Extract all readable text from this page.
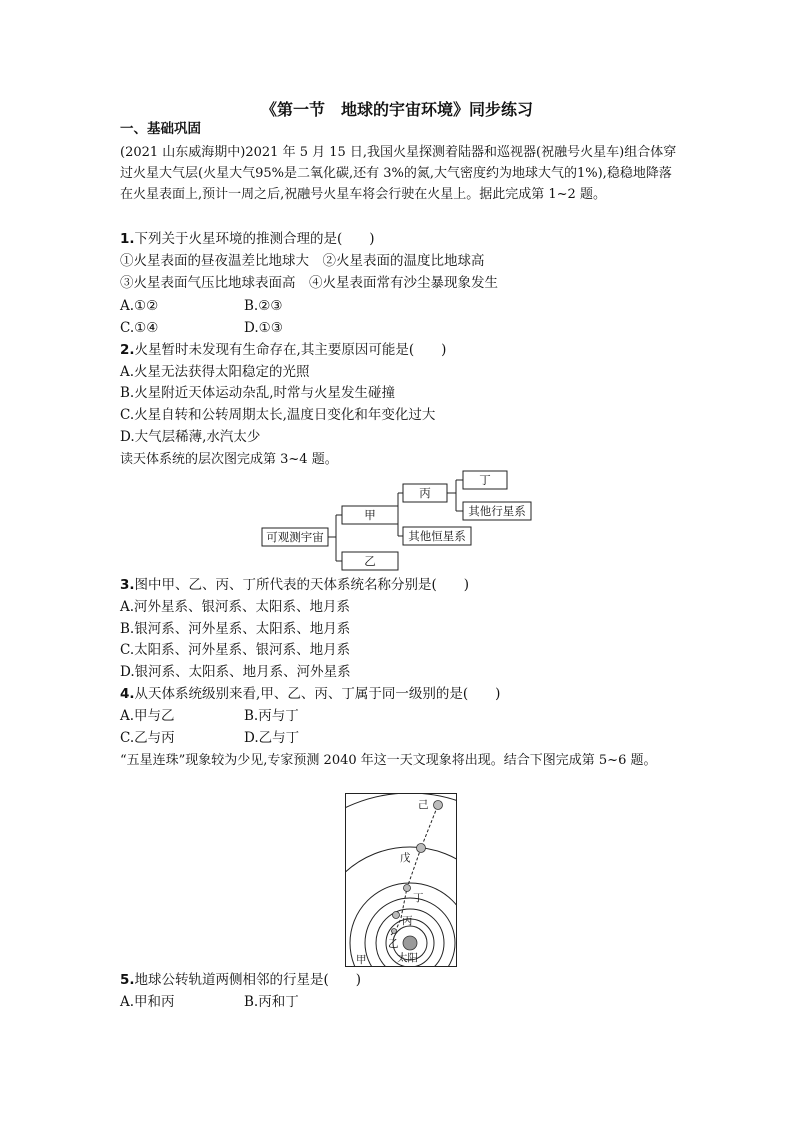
《第一节　地球的宇宙环境》同步练习
一、基础巩固
(2021 山东威海期中)2021 年 5 月 15 日,我国火星探测着陆器和巡视器(祝融号火星车)组合体穿过火星大气层(火星大气95%是二氧化碳,还有 3%的氮,大气密度约为地球大气的1%),稳稳地降落在火星表面上,预计一周之后,祝融号火星车将会行驶在火星上。据此完成第 1~2 题。
1.下列关于火星环境的推测合理的是(　　)
①火星表面的昼夜温差比地球大　②火星表面的温度比地球高
③火星表面气压比地球表面高　④火星表面常有沙尘暴现象发生
A.①②	B.②③
C.①④	D.①③
2.火星暂时未发现有生命存在,其主要原因可能是(　　)
A.火星无法获得太阳稳定的光照
B.火星附近天体运动杂乱,时常与火星发生碰撞
C.火星自转和公转周期太长,温度日变化和年变化过大
D.大气层稀薄,水汽太少
读天体系统的层次图完成第 3~4 题。
可观测宇宙
甲
乙
丙
其他恒星系
丁
其他行星系
3.图中甲、乙、丙、丁所代表的天体系统名称分别是(　　)
A.河外星系、银河系、太阳系、地月系
B.银河系、河外星系、太阳系、地月系
C.太阳系、河外星系、银河系、地月系
D.银河系、太阳系、地月系、河外星系
4.从天体系统级别来看,甲、乙、丙、丁属于同一级别的是(　　)
A.甲与乙	B.丙与丁
C.乙与丙	D.乙与丁
“五星连珠”现象较为少见,专家预测 2040 年这一天文现象将出现。结合下图完成第 5~6 题。
己
戊
丁
丙
乙
太阳
甲
5.地球公转轨道两侧相邻的行星是(　　)
A.甲和丙	B.丙和丁
